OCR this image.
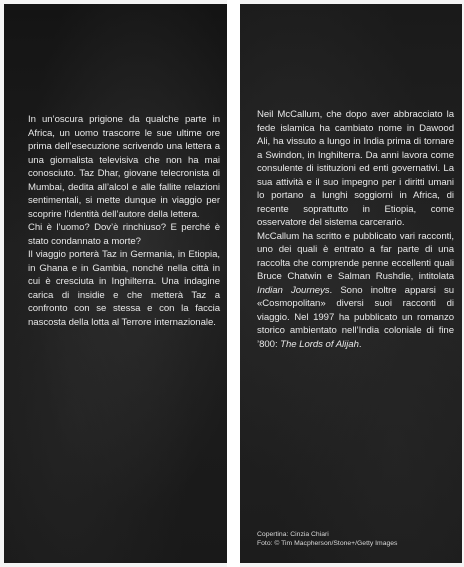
In un’oscura prigione da qualche parte in Africa, un uomo trascorre le sue ultime ore prima dell’esecuzione scrivendo una lettera a una giornalista televisiva che non ha mai conosciuto. Taz Dhar, giovane telecronista di Mumbai, dedita all’alcol e alle fallite relazioni sentimentali, si mette dunque in viaggio per scoprire l’identità dell’autore della lettera.

Chi è l’uomo? Dov’è rinchiuso? E perché è stato condannato a morte?

Il viaggio porterà Taz in Germania, in Etiopia, in Ghana e in Gambia, nonché nella città in cui è cresciuta in Inghilterra. Una indagine carica di insidie e che metterà Taz a confronto con se stessa e con la faccia nascosta della lotta al Terrore internazionale.

Neil McCallum, che dopo aver abbracciato la fede islamica ha cambiato nome in Dawood Ali, ha vissuto a lungo in India prima di tornare a Swindon, in Inghilterra. Da anni lavora come consulente di istituzioni ed enti governativi. La sua attività e il suo impegno per i diritti umani lo portano a lunghi soggiorni in Africa, di recente soprattutto in Etiopia, come osservatore del sistema carcerario.

McCallum ha scritto e pubblicato vari racconti, uno dei quali è entrato a far parte di una raccolta che comprende penne eccellenti quali Bruce Chatwin e Salman Rushdie, intitolata Indian Journeys. Sono inoltre apparsi su «Cosmopolitan» diversi suoi racconti di viaggio. Nel 1997 ha pubblicato un romanzo storico ambientato nell’India coloniale di fine ’800: The Lords of Alijah.

Copertina: Cinzia Chiari
Foto: © Tim Macpherson/Stone+/Getty Images
